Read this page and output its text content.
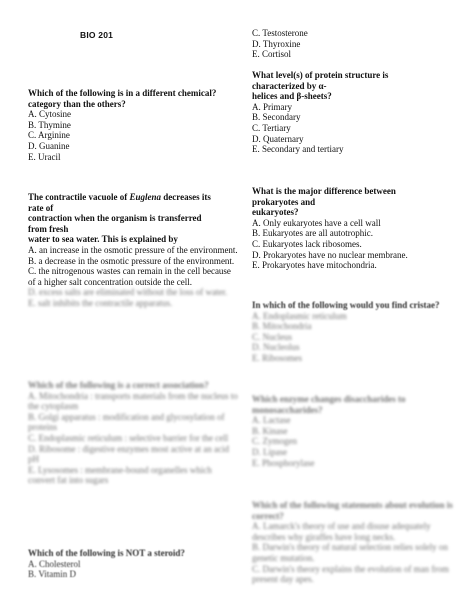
BIO 201

Which of the following is in a different chemical? category than the others?

A. Cytosine

B. Thymine

C. Arginine

D. Guanine

E. Uracil

The contractile vacuole of Euglena decreases its
rate of
contraction when the organism is transferred
from fresh
water to sea water. This is explained by

A. an increase in the osmotic pressure of the environment.

B. a decrease in the osmotic pressure of the environment.

C. the nitrogenous wastes can remain in the cell because of a higher salt concentration outside the cell.

D. excess salts are eliminated without the loss of water.

E. salt inhibits the contractile apparatus.

Which of the following is a correct association?

A. Mitochondria : transports materials from the nucleus to the cytoplasm

B. Golgi apparatus : modification and glycosylation of proteins

C. Endoplasmic reticulum : selective barrier for the cell

D. Ribosome : digestive enzymes most active at an acid pH

E. Lysosomes : membrane-bound organelles which convert fat into sugars

Which of the following is NOT a steroid?

A. Cholesterol

B. Vitamin D

C. Testosterone

D. Thyroxine

E. Cortisol

What level(s) of protein structure is
characterized by α-
helices and β-sheets?

A. Primary

B. Secondary

C. Tertiary

D. Quaternary

E. Secondary and tertiary

What is the major difference between
prokaryotes and
eukaryotes?

A. Only eukaryotes have a cell wall

B. Eukaryotes are all autotrophic.

C. Eukaryotes lack ribosomes.

D. Prokaryotes have no nuclear membrane.

E. Prokaryotes have mitochondria.

In which of the following would you find cristae?

A. Endoplasmic reticulum

B. Mitochondria

C. Nucleus

D. Nucleolus

E. Ribosomes

Which enzyme changes disaccharides to monosaccharides?

A. Lactase

B. Kinase

C. Zymogen

D. Lipase

E. Phosphorylase

Which of the following statements about evolution is correct?

A. Lamarck's theory of use and disuse adequately describes why giraffes have long necks.

B. Darwin's theory of natural selection relies solely on genetic mutation.

C. Darwin's theory explains the evolution of man from present day apes.
